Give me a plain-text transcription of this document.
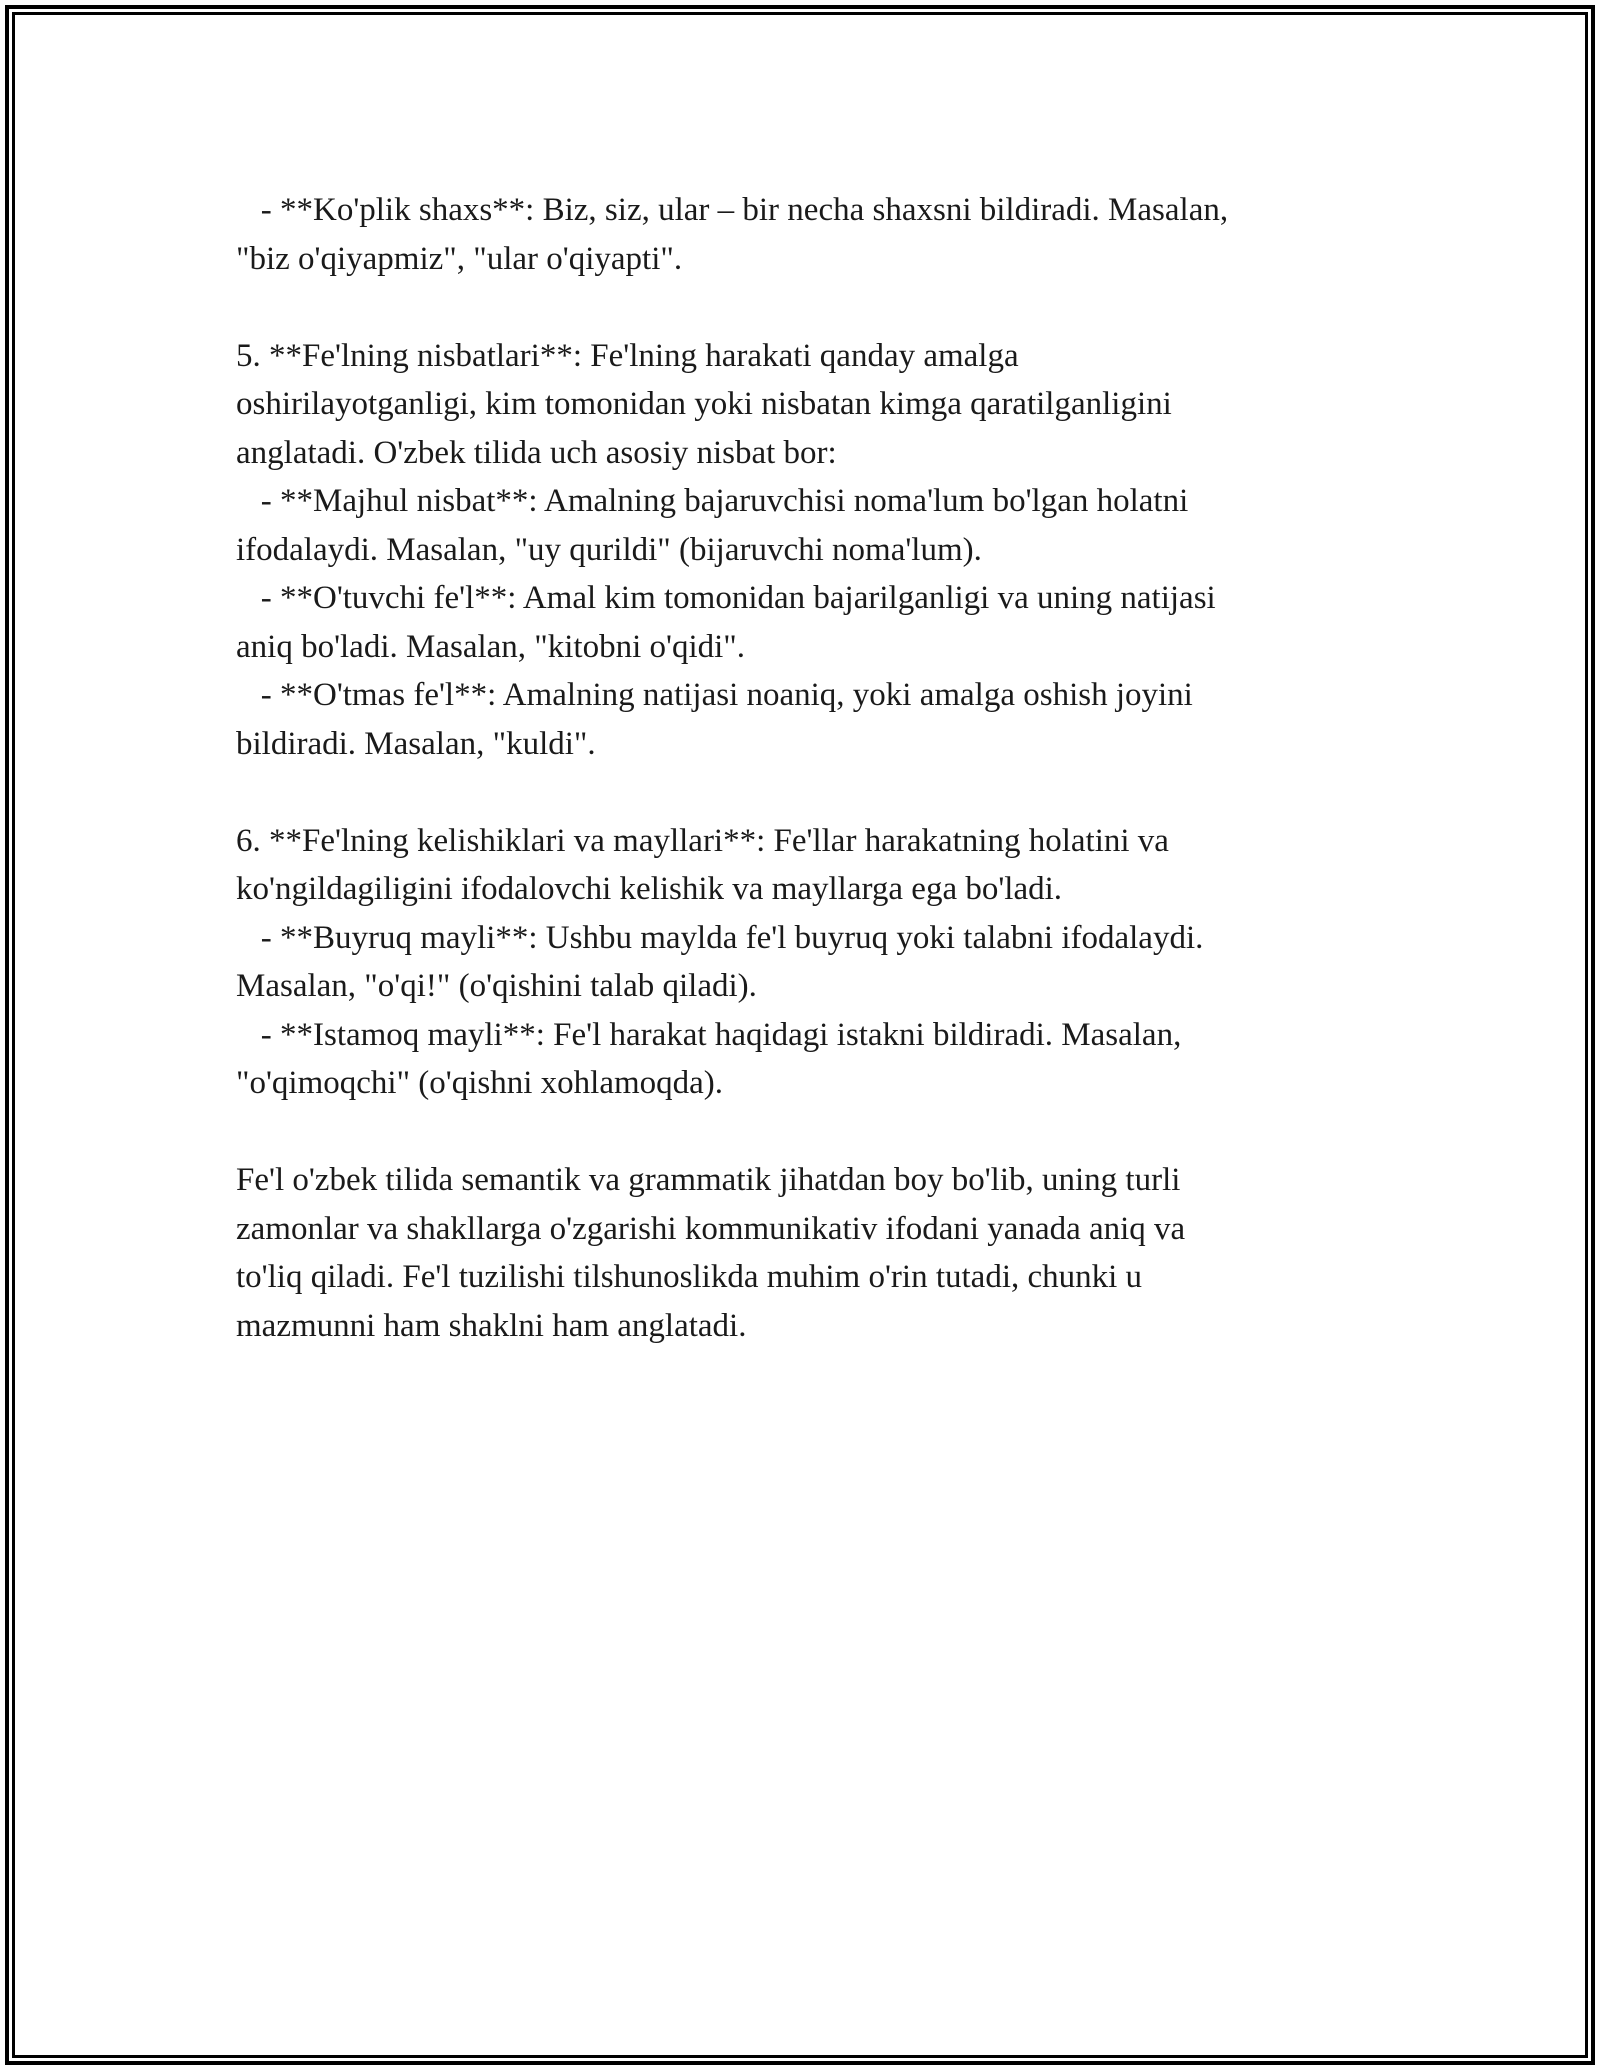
- **Ko'plik shaxs**: Biz, siz, ular – bir necha shaxsni bildiradi. Masalan,

"biz o'qiyapmiz", "ular o'qiyapti".

5. **Fe'lning nisbatlari**: Fe'lning harakati qanday amalga

oshirilayotganligi, kim tomonidan yoki nisbatan kimga qaratilganligini

anglatadi. O'zbek tilida uch asosiy nisbat bor:

- **Majhul nisbat**: Amalning bajaruvchisi noma'lum bo'lgan holatni

ifodalaydi. Masalan, "uy qurildi" (bijaruvchi noma'lum).

- **O'tuvchi fe'l**: Amal kim tomonidan bajarilganligi va uning natijasi

aniq bo'ladi. Masalan, "kitobni o'qidi".

- **O'tmas fe'l**: Amalning natijasi noaniq, yoki amalga oshish joyini

bildiradi. Masalan, "kuldi".

6. **Fe'lning kelishiklari va mayllari**: Fe'llar harakatning holatini va

ko'ngildagiligini ifodalovchi kelishik va mayllarga ega bo'ladi.

- **Buyruq mayli**: Ushbu maylda fe'l buyruq yoki talabni ifodalaydi.

Masalan, "o'qi!" (o'qishini talab qiladi).

- **Istamoq mayli**: Fe'l harakat haqidagi istakni bildiradi. Masalan,

"o'qimoqchi" (o'qishni xohlamoqda).

Fe'l o'zbek tilida semantik va grammatik jihatdan boy bo'lib, uning turli

zamonlar va shakllarga o'zgarishi kommunikativ ifodani yanada aniq va

to'liq qiladi. Fe'l tuzilishi tilshunoslikda muhim o'rin tutadi, chunki u

mazmunni ham shaklni ham anglatadi.
